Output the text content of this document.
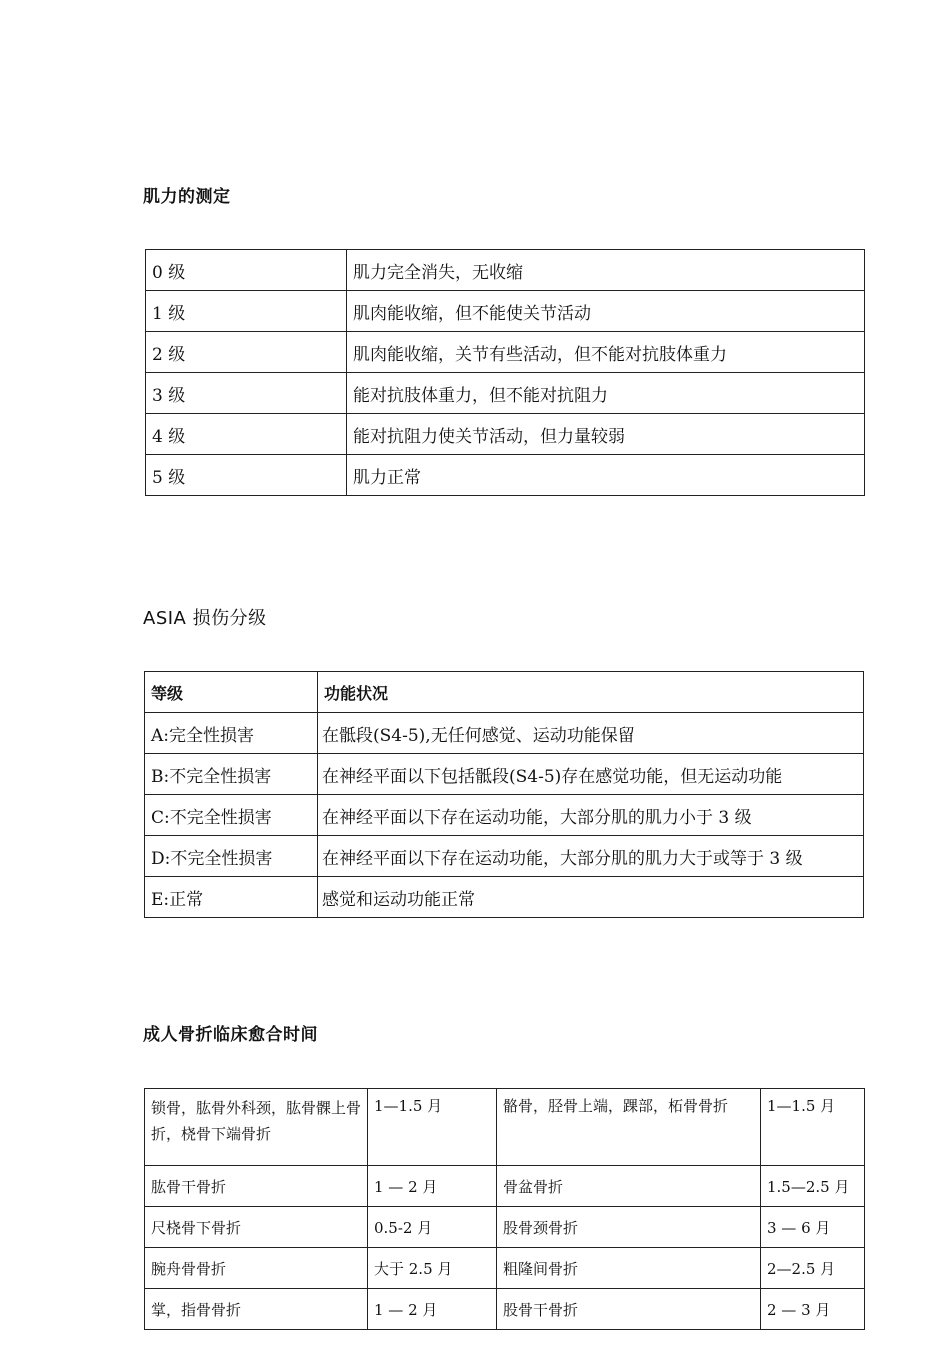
肌力的测定
0 级	肌力完全消失，无收缩
1 级	肌肉能收缩，但不能使关节活动
2 级	肌肉能收缩，关节有些活动，但不能对抗肢体重力
3 级	能对抗肢体重力，但不能对抗阻力
4 级	能对抗阻力使关节活动，但力量较弱
5 级	肌力正常
ASIA 损伤分级
等级	功能状况
A:完全性损害	在骶段(S4-5),无任何感觉、运动功能保留
B:不完全性损害	在神经平面以下包括骶段(S4-5)存在感觉功能，但无运动功能
C:不完全性损害	在神经平面以下存在运动功能，大部分肌的肌力小于 3 级
D:不完全性损害	在神经平面以下存在运动功能，大部分肌的肌力大于或等于 3 级
E:正常	感觉和运动功能正常
成人骨折临床愈合时间
锁骨，肱骨外科颈，肱骨髁上骨折，桡骨下端骨折	1—1.5 月	骼骨，胫骨上端，踝部，柘骨骨折	1—1.5 月
肱骨干骨折	1 — 2 月	骨盆骨折	1.5—2.5 月
尺桡骨下骨折	0.5-2 月	股骨颈骨折	3 — 6 月
腕舟骨骨折	大于 2.5 月	粗隆间骨折	2—2.5 月
掌，指骨骨折	1 — 2 月	股骨干骨折	2 — 3 月
